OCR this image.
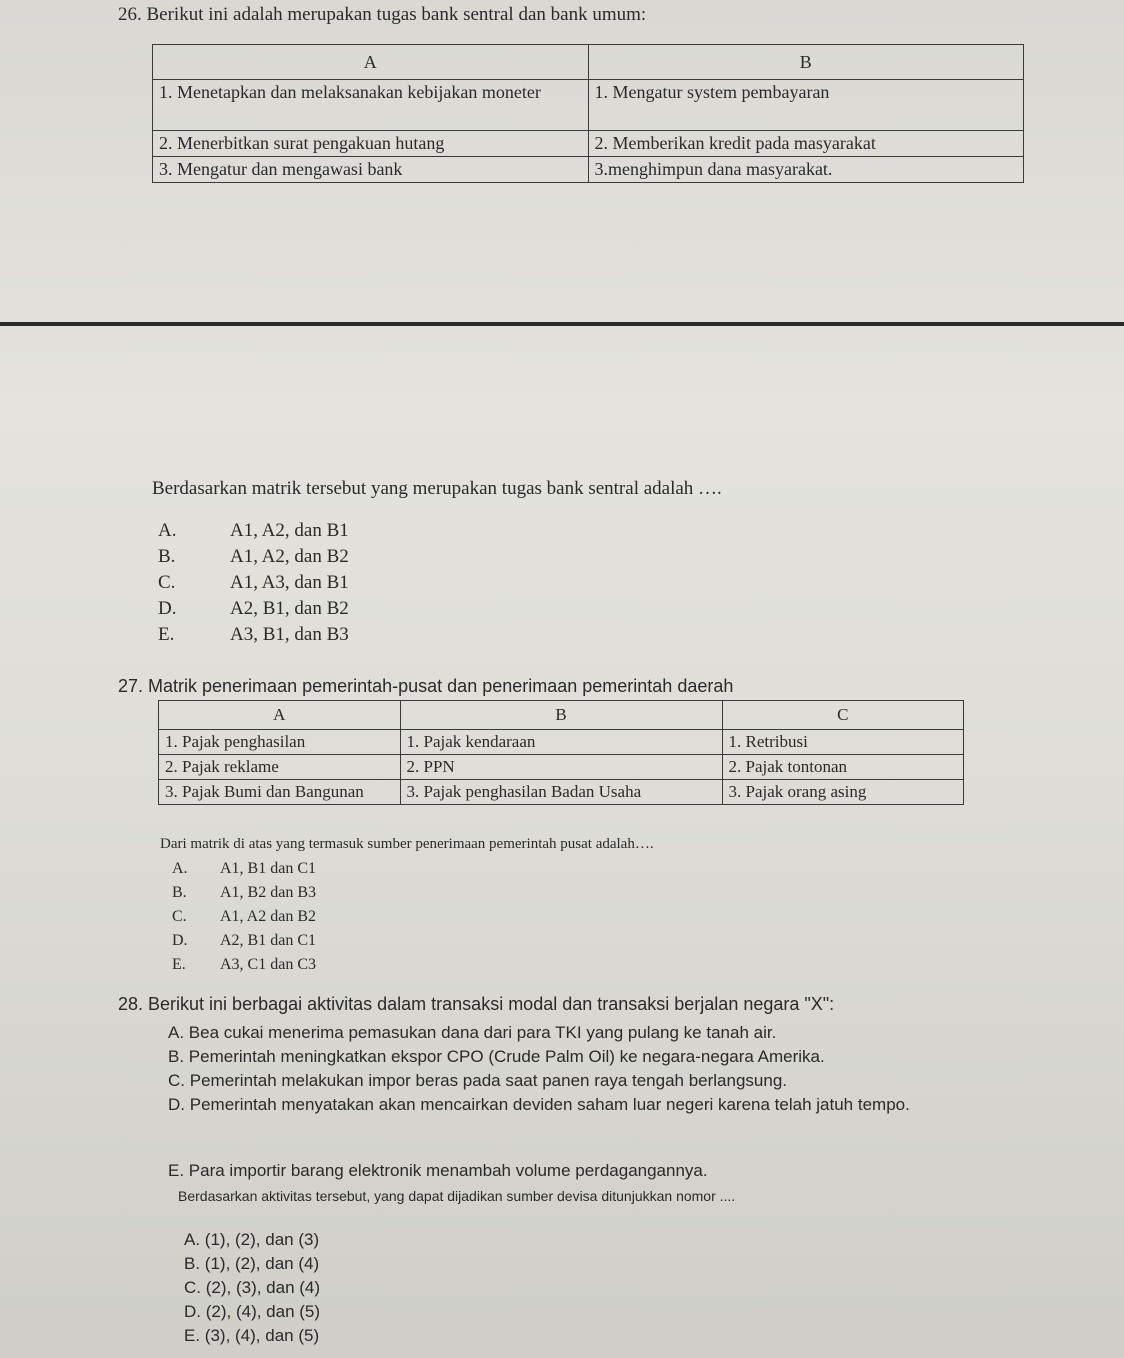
26. Berikut ini adalah merupakan tugas bank sentral dan bank umum:
A	B
1. Menetapkan dan melaksanakan kebijakan moneter	1. Mengatur system pembayaran
2. Menerbitkan surat pengakuan hutang	2. Memberikan kredit pada masyarakat
3. Mengatur dan mengawasi bank	3.menghimpun dana masyarakat.
Berdasarkan matrik tersebut yang merupakan tugas bank sentral adalah ….
A.	A1, A2, dan B1
B.	A1, A2, dan B2
C.	A1, A3, dan B1
D.	A2, B1, dan B2
E.	A3, B1, dan B3
27. Matrik penerimaan pemerintah-pusat dan penerimaan pemerintah daerah
A	B	C
1. Pajak penghasilan	1. Pajak kendaraan	1. Retribusi
2. Pajak reklame	2. PPN	2. Pajak tontonan
3. Pajak Bumi dan Bangunan	3. Pajak penghasilan Badan Usaha	3. Pajak orang asing
Dari matrik di atas yang termasuk sumber penerimaan pemerintah pusat adalah….
A. A1, B1 dan C1
B. A1, B2 dan B3
C. A1, A2 dan B2
D. A2, B1 dan C1
E. A3, C1 dan C3
28. Berikut ini berbagai aktivitas dalam transaksi modal dan transaksi berjalan negara "X":
A. Bea cukai menerima pemasukan dana dari para TKI yang pulang ke tanah air.
B. Pemerintah meningkatkan ekspor CPO (Crude Palm Oil) ke negara-negara Amerika.
C. Pemerintah melakukan impor beras pada saat panen raya tengah berlangsung.
D. Pemerintah menyatakan akan mencairkan deviden saham luar negeri karena telah jatuh tempo.
E. Para importir barang elektronik menambah volume perdagangannya.
Berdasarkan aktivitas tersebut, yang dapat dijadikan sumber devisa ditunjukkan nomor ....
A. (1), (2), dan (3)
B. (1), (2), dan (4)
C. (2), (3), dan (4)
D. (2), (4), dan (5)
E. (3), (4), dan (5)
